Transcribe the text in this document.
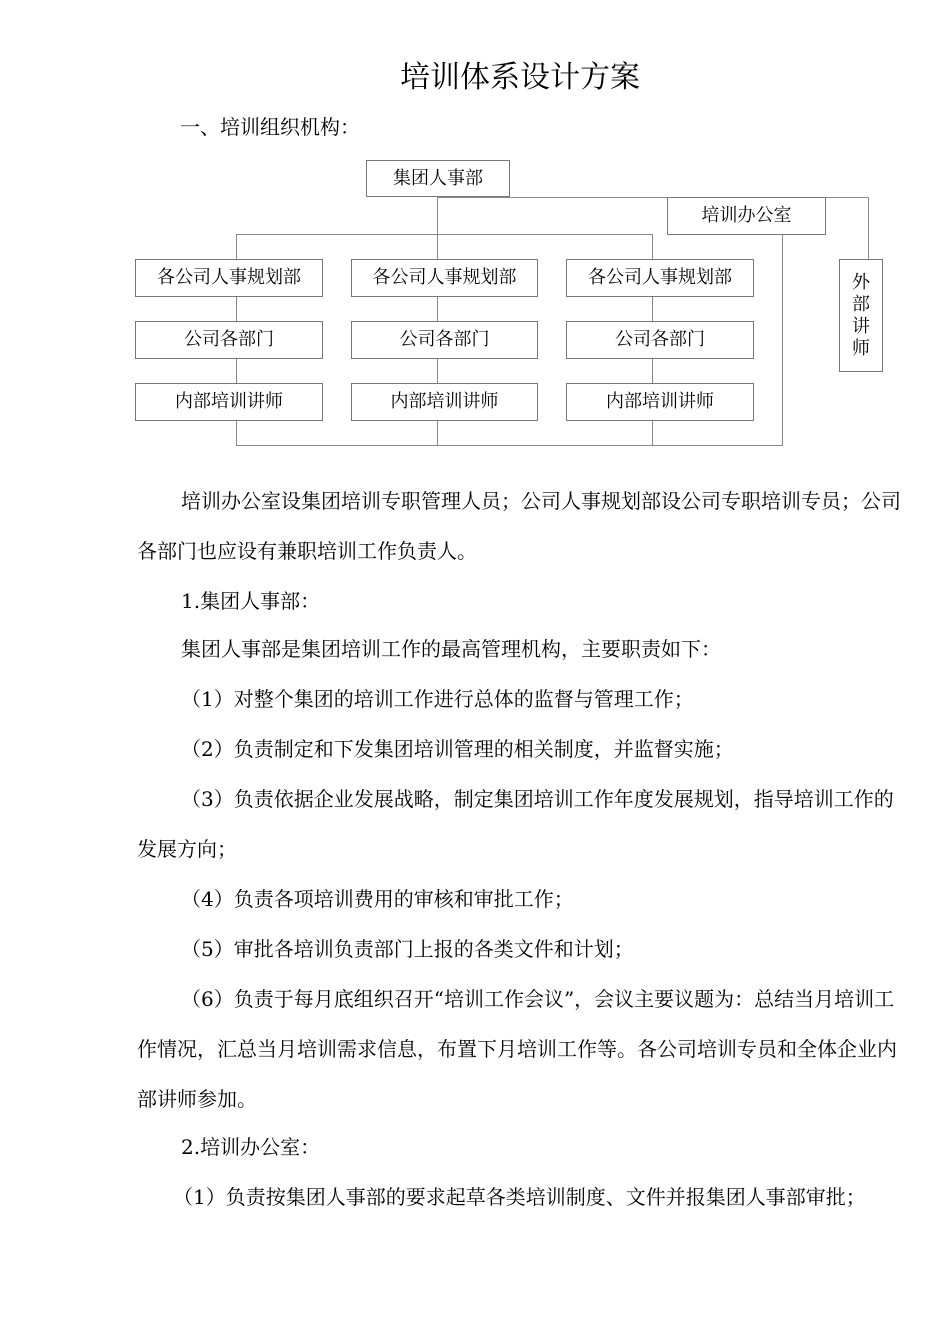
培训体系设计方案
一、培训组织机构：
集团人事部
培训办公室
外
部
讲
师
各公司人事规划部
公司各部门
内部培训讲师
各公司人事规划部
公司各部门
内部培训讲师
各公司人事规划部
公司各部门
内部培训讲师

培训办公室设集团培训专职管理人员；公司人事规划部设公司专职培训专员；公司各部门也应设有兼职培训工作负责人。

1.集团人事部：

集团人事部是集团培训工作的最高管理机构，主要职责如下：

（1）对整个集团的培训工作进行总体的监督与管理工作；

（2）负责制定和下发集团培训管理的相关制度，并监督实施；

（3）负责依据企业发展战略，制定集团培训工作年度发展规划，指导培训工作的发展方向；

（4）负责各项培训费用的审核和审批工作；

（5）审批各培训负责部门上报的各类文件和计划；

（6）负责于每月底组织召开“培训工作会议”，会议主要议题为：总结当月培训工作情况，汇总当月培训需求信息，布置下月培训工作等。各公司培训专员和全体企业内部讲师参加。

2.培训办公室：

（1）负责按集团人事部的要求起草各类培训制度、文件并报集团人事部审批；
